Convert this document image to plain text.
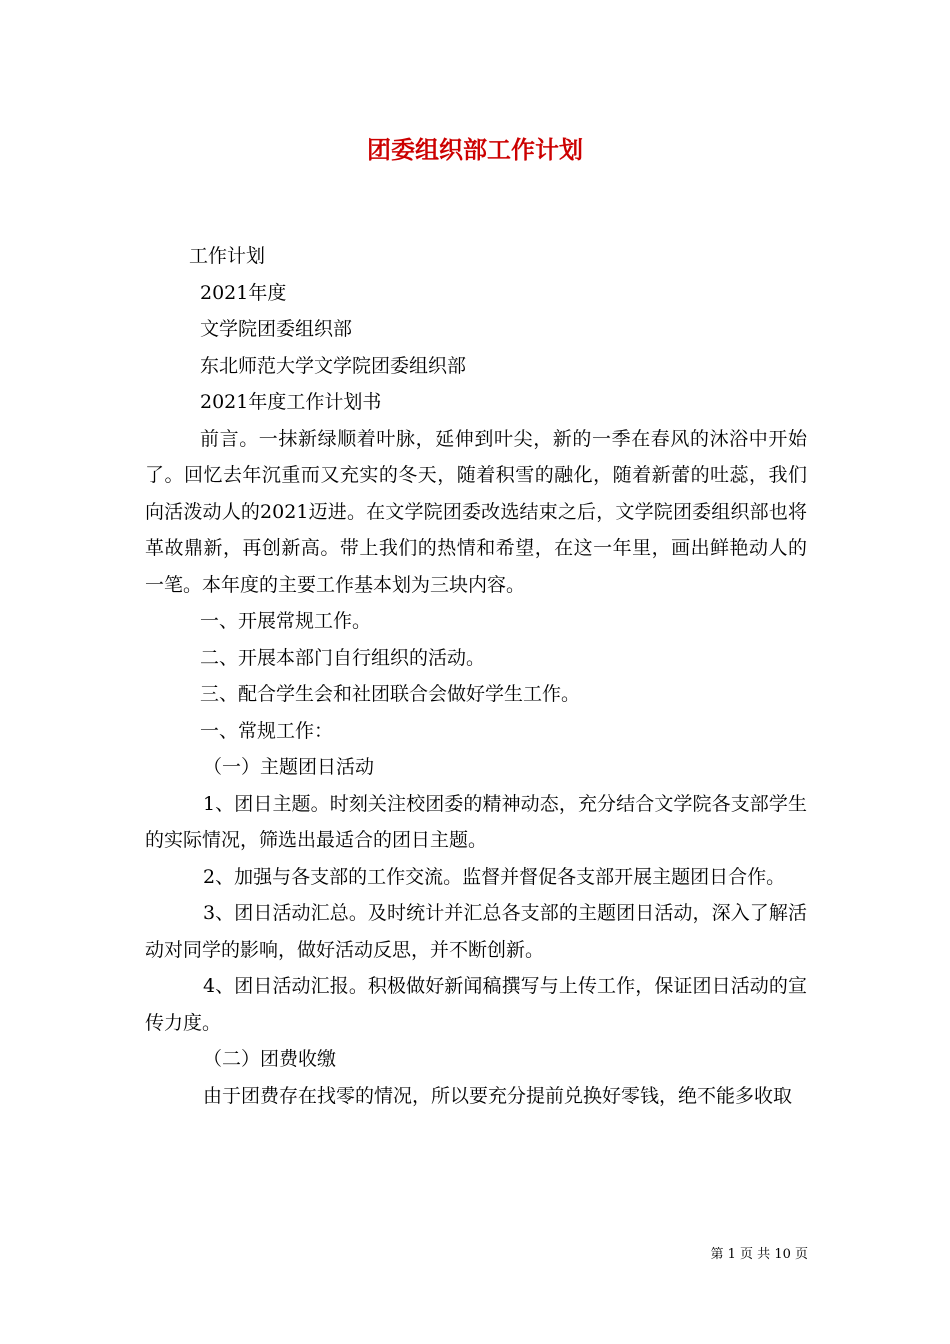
团委组织部工作计划

工作计划

2021年度

文学院团委组织部

东北师范大学文学院团委组织部

2021年度工作计划书

前言。一抹新绿顺着叶脉，延伸到叶尖，新的一季在春风的沐浴中开始了。回忆去年沉重而又充实的冬天，随着积雪的融化，随着新蕾的吐蕊，我们向活泼动人的2021迈进。在文学院团委改选结束之后，文学院团委组织部也将革故鼎新，再创新高。带上我们的热情和希望，在这一年里，画出鲜艳动人的一笔。本年度的主要工作基本划为三块内容。

一、开展常规工作。

二、开展本部门自行组织的活动。

三、配合学生会和社团联合会做好学生工作。

一、常规工作：

（一）主题团日活动

1、团日主题。时刻关注校团委的精神动态，充分结合文学院各支部学生的实际情况，筛选出最适合的团日主题。

2、加强与各支部的工作交流。监督并督促各支部开展主题团日合作。

3、团日活动汇总。及时统计并汇总各支部的主题团日活动，深入了解活动对同学的影响，做好活动反思，并不断创新。

4、团日活动汇报。积极做好新闻稿撰写与上传工作，保证团日活动的宣传力度。

（二）团费收缴

由于团费存在找零的情况，所以要充分提前兑换好零钱，绝不能多收取

第 1 页 共 10 页
